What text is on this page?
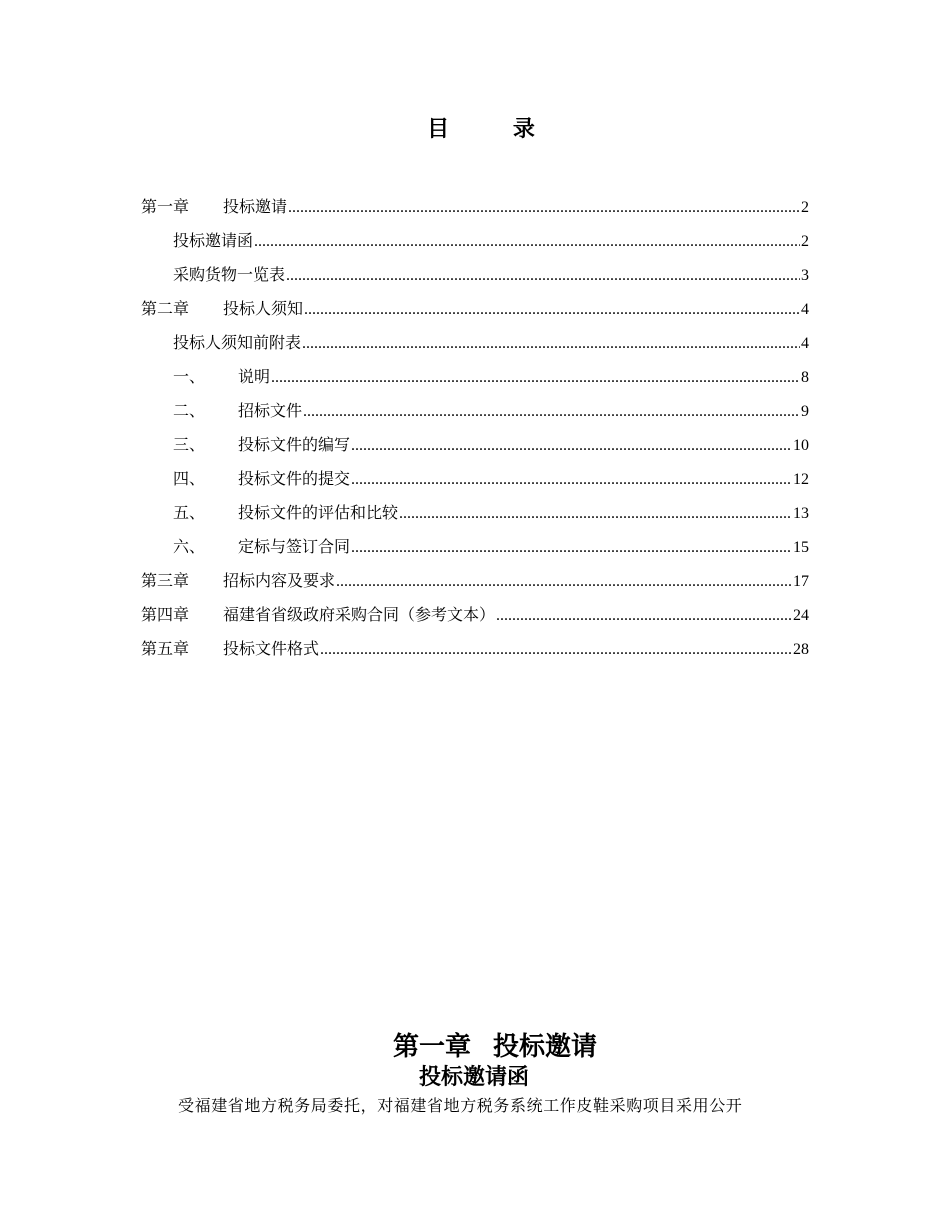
目 录
第一章	投标邀请 .....	2
投标邀请函 .....	2
采购货物一览表 .....	3
第二章	投标人须知 .....	4
投标人须知前附表 .....	4
一、	说明 .....	8
二、	招标文件 .....	9
三、	投标文件的编写 .....	10
四、	投标文件的提交 .....	12
五、	投标文件的评估和比较 .....	13
六、	定标与签订合同 .....	15
第三章	招标内容及要求 .....	17
第四章	福建省省级政府采购合同（参考文本） .....	24
第五章	投标文件格式 .....	28
第一章 投标邀请
投标邀请函
受福建省地方税务局委托，对福建省地方税务系统工作皮鞋采购项目采用公开
